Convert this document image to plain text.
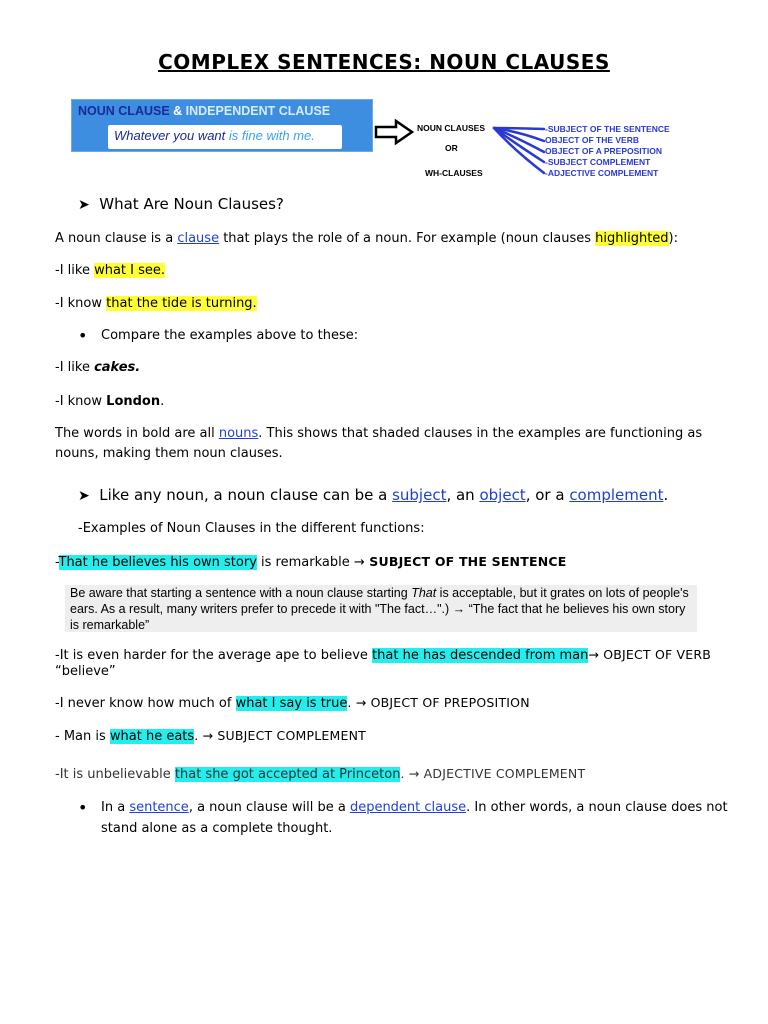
COMPLEX SENTENCES: NOUN CLAUSES
NOUN CLAUSE & INDEPENDENT CLAUSE
Whatever you want is fine with me.	NOUN CLAUSES
OR
WH-CLAUSES
-SUBJECT OF THE SENTENCE
OBJECT OF THE VERB
OBJECT OF A PREPOSITION
-SUBJECT COMPLEMENT
-ADJECTIVE COMPLEMENT
➤ What Are Noun Clauses?
A noun clause is a clause that plays the role of a noun. For example (noun clauses highlighted):
-I like what I see.
-I know that the tide is turning.
• Compare the examples above to these:
-I like cakes.
-I know London.
The words in bold are all nouns. This shows that shaded clauses in the examples are functioning as
nouns, making them noun clauses.
➤ Like any noun, a noun clause can be a subject, an object, or a complement.
-Examples of Noun Clauses in the different functions:
-That he believes his own story is remarkable → SUBJECT OF THE SENTENCE
Be aware that starting a sentence with a noun clause starting That is acceptable, but it grates on lots of people's ears. As a result, many writers prefer to precede it with "The fact…".) → “The fact that he believes his own story is remarkable”
-It is even harder for the average ape to believe that he has descended from man→ OBJECT OF VERB
“believe”
-I never know how much of what I say is true. → OBJECT OF PREPOSITION
- Man is what he eats. → SUBJECT COMPLEMENT
-It is unbelievable that she got accepted at Princeton. → ADJECTIVE COMPLEMENT
• In a sentence, a noun clause will be a dependent clause. In other words, a noun clause does not
stand alone as a complete thought.
